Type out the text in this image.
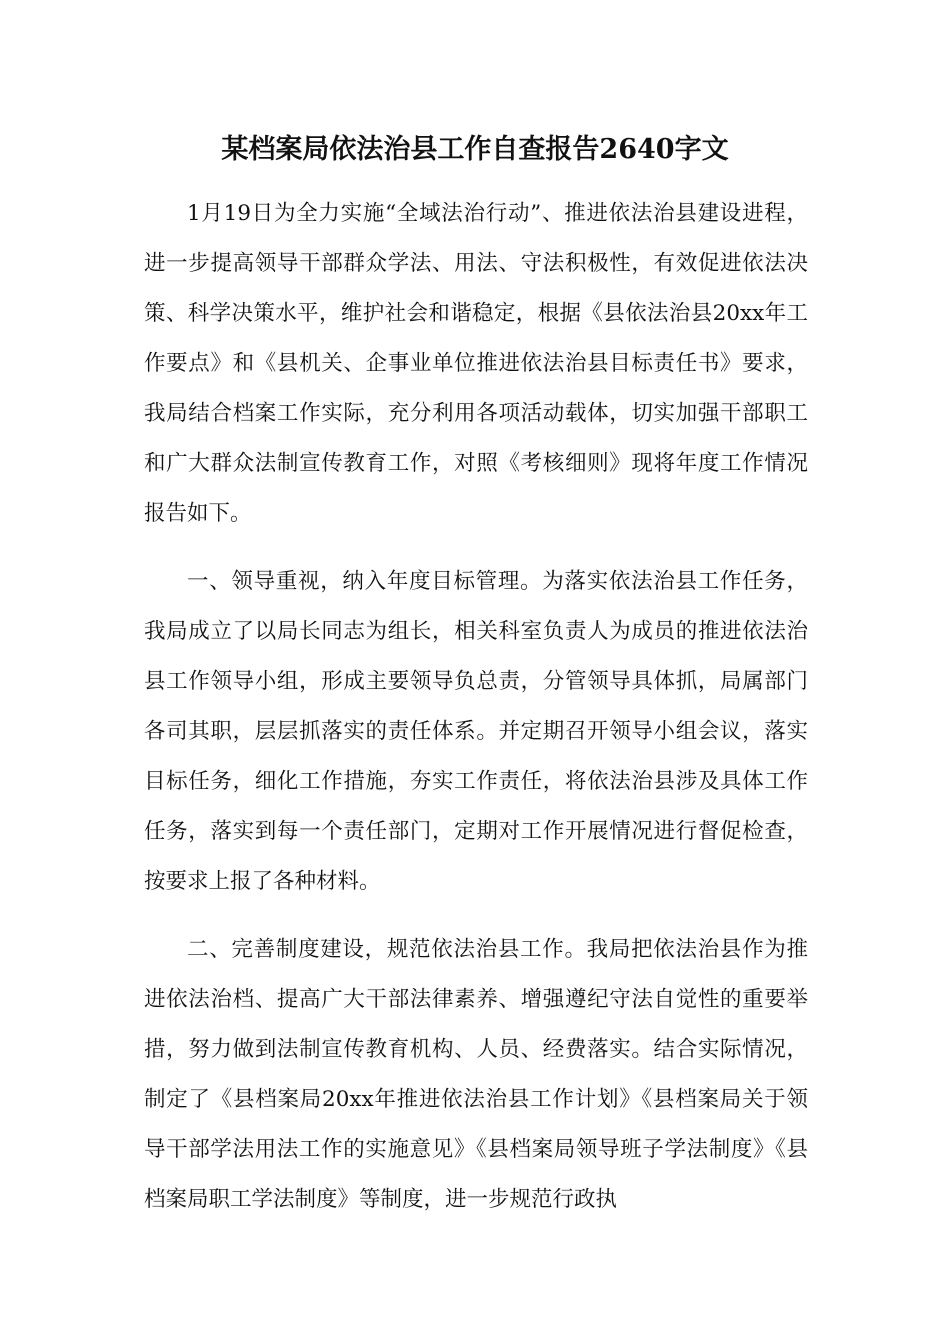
某档案局依法治县工作自查报告2640字文

1月19日为全力实施“全域法治行动”、推进依法治县建设进程，进一步提高领导干部群众学法、用法、守法积极性，有效促进依法决策、科学决策水平，维护社会和谐稳定，根据《县依法治县20xx年工作要点》和《县机关、企事业单位推进依法治县目标责任书》要求，我局结合档案工作实际，充分利用各项活动载体，切实加强干部职工和广大群众法制宣传教育工作，对照《考核细则》现将年度工作情况报告如下。

一、领导重视，纳入年度目标管理。为落实依法治县工作任务，我局成立了以局长同志为组长，相关科室负责人为成员的推进依法治县工作领导小组，形成主要领导负总责，分管领导具体抓，局属部门各司其职，层层抓落实的责任体系。并定期召开领导小组会议，落实目标任务，细化工作措施，夯实工作责任，将依法治县涉及具体工作任务，落实到每一个责任部门，定期对工作开展情况进行督促检查，按要求上报了各种材料。

二、完善制度建设，规范依法治县工作。我局把依法治县作为推进依法治档、提高广大干部法律素养、增强遵纪守法自觉性的重要举措，努力做到法制宣传教育机构、人员、经费落实。结合实际情况，制定了《县档案局20xx年推进依法治县工作计划》《县档案局关于领导干部学法用法工作的实施意见》《县档案局领导班子学法制度》《县档案局职工学法制度》等制度，进一步规范行政执
